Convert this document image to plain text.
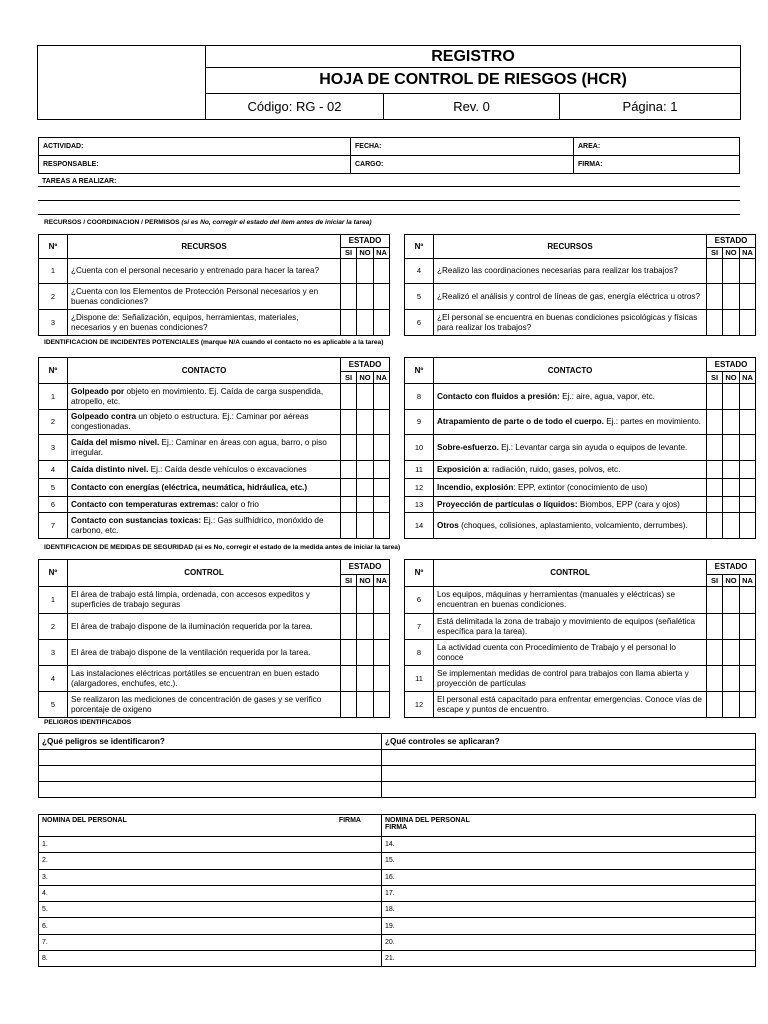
	REGISTRO		
	HOJA DE CONTROL DE RIESGOS (HCR)		
	Código: RG - 02	Rev. 0	Página: 1
ACTIVIDAD:	FECHA:	AREA:
RESPONSABLE:	CARGO:	FIRMA:
TAREAS A REALIZAR:
RECURSOS / COORDINACION / PERMISOS (si es No, corregir el estado del ítem antes de iniciar la tarea)
Nº	RECURSOS	ESTADO		
		SI	NO	NA
1	¿Cuenta con el personal necesario y entrenado para hacer la tarea?			
2	¿Cuenta con los Elementos de Protección Personal necesarios y en buenas condiciones?			
3	¿Dispone de: Señalización, equipos, herramientas, materiales, necesarios y en buenas condiciones?			
Nº	RECURSOS	ESTADO		
		SI	NO	NA
4	¿Realizo las coordinaciones necesarias para realizar los trabajos?			
5	¿Realizó el análisis y control de líneas de gas, energía eléctrica u otros?			
6	¿El personal se encuentra en buenas condiciones psicológicas y físicas para realizar los trabajos?			
IDENTIFICACION DE INCIDENTES POTENCIALES (marque N/A cuando el contacto no es aplicable a la tarea)
Nº	CONTACTO	ESTADO		
		SI	NO	NA
1	Golpeado por objeto en movimiento. Ej. Caída de carga suspendida, atropello, etc.			
2	Golpeado contra un objeto o estructura. Ej.: Caminar por aéreas congestionadas.			
3	Caída del mismo nivel. Ej.: Caminar en áreas con agua, barro, o piso irregular.			
4	Caída distinto nivel. Ej.: Caída desde vehículos o excavaciones			
5	Contacto con energías (eléctrica, neumática, hidráulica, etc.)			
6	Contacto con temperaturas extremas: calor o frio			
7	Contacto con sustancias toxicas: Ej.: Gas sulfhídrico, monóxido de carbono, etc.			
Nº	CONTACTO	ESTADO		
		SI	NO	NA
8	Contacto con fluidos a presión: Ej.: aire, agua, vapor, etc.			
9	Atrapamiento de parte o de todo el cuerpo. Ej.: partes en movimiento.			
10	Sobre-esfuerzo. Ej.: Levantar carga sin ayuda o equipos de levante.			
11	Exposición a: radiación, ruido, gases, polvos, etc.			
12	Incendio, explosión: EPP, extintor (conocimiento de uso)			
13	Proyección de partículas o líquidos: Biombos, EPP (cara y ojos)			
14	Otros (choques, colisiones, aplastamiento, volcamiento, derrumbes).			
IDENTIFICACION DE MEDIDAS DE SEGURIDAD (si es No, corregir el estado de la medida antes de iniciar la tarea)
Nº	CONTROL	ESTADO		
		SI	NO	NA
1	El área de trabajo está limpia, ordenada, con accesos expeditos y superficies de trabajo seguras			
2	El área de trabajo dispone de la iluminación requerida por la tarea.			
3	El área de trabajo dispone de la ventilación requerida por la tarea.			
4	Las instalaciones eléctricas portátiles se encuentran en buen estado (alargadores, enchufes, etc.).			
5	Se realizaron las mediciones de concentración de gases y se verifico porcentaje de oxigeno			
Nº	CONTROL	ESTADO		
		SI	NO	NA
6	Los equipos, máquinas y herramientas (manuales y eléctricas) se encuentran en buenas condiciones.			
7	Está delimitada la zona de trabajo y movimiento de equipos (señalética específica para la tarea).			
8	La actividad cuenta con Procedimiento de Trabajo y el personal lo conoce			
11	Se implementan medidas de control para trabajos con llama abierta y proyección de partículas			
12	El personal está capacitado para enfrentar emergencias. Conoce vías de escape y puntos de encuentro.			
PELIGROS IDENTIFICADOS
¿Qué peligros se identificaron?	¿Qué controles se aplicaran?

NOMINA DEL PERSONAL FIRMA	NOMINA DEL PERSONAL
FIRMA
1.	14.
2.	15.
3.	16.
4.	17.
5.	18.
6.	19.
7.	20.
8.	21.
